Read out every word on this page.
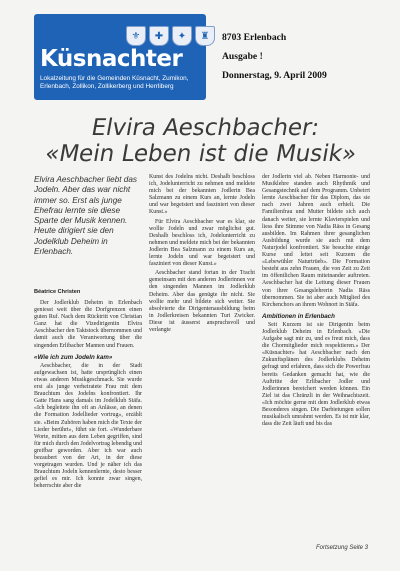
⚜	✚	✦	♜
Küsnachter
Lokalzeitung für die Gemeinden Küsnacht, Zumikon, Erlenbach, Zollikon, Zollikerberg und Herrliberg
8703 Erlenbach
Ausgabe !
Donnerstag, 9. April 2009
Elvira Aeschbacher:
«Mein Leben ist die Musik»
Elvira Aeschbacher liebt das Jodeln. Aber das war nicht immer so. Erst als junge Ehefrau lernte sie diese Sparte der Musik kennen. Heute dirigiert sie den Jodelklub Deheim in Erlenbach.
Béatrice Christen

Der Jodlerklub Deheim in Erlenbach geniesst weit über die Dorfgrenzen einen guten Ruf. Nach dem Rücktritt von Christian Ganz hat die Vizedirigentin Elvira Aeschbacher den Taktstock übernommen und damit auch die Verantwortung über die singenden Erlibacher Mannen und Frauen.

«Wie ich zum Jodeln kam»

Aeschbacher, die in der Stadt aufgewachsen ist, hatte ursprünglich einen etwas anderen Musikgeschmack. Sie wurde erst als junge verheiratete Frau mit dem Brauchtum des Jodelns konfrontiert. Ihr Gatte Hans sang damals im Jodelklub Stäfa. «Ich begleitete ihn oft an Anlässe, an denen die Formation Jodellieder vortrug», erzählt sie. «Beim Zuhören haben mich die Texte der Lieder berührt», führt sie fort. «Wunderbare Worte, mitten aus dem Leben gegriffen, sind für mich durch den Jodelvortrag lebendig und greifbar geworden. Aber ich war auch bezaubert von der Art, in der diese vorgetragen wurden. Und je näher ich das Brauchtum Jodeln kennenlernte, desto besser gefiel es mir. Ich konnte zwar singen, beherrschte aber die

Kunst des Jodelns nicht. Deshalb beschloss ich, Jodelunterricht zu nehmen und meldete mich bei der bekannten Jodlerin Bea Salzmann zu einem Kurs an, lernte Jodeln und war begeistert und fasziniert von dieser Kunst.»

Für Elvira Aeschbacher war es klar, sie wollte Jodeln und zwar möglichst gut. Deshalb beschloss ich, Jodelunterricht zu nehmen und meldete mich bei der bekannten Jodlerin Bea Salzmann zu einem Kurs an, lernte Jodeln und war begeistert und fasziniert von dieser Kunst.»

Aeschbacher stand fortan in der Tracht gemeinsam mit den anderen Jodlerinnen vor den singenden Mannen im Jodlerklub Deheim. Aber das genügte ihr nicht. Sie wollte mehr und bildete sich weiter. Sie absolvierte die Dirigentenausbildung beim in Jodlerkreisen bekannten Turi Zwicker. Diese ist äusserst anspruchsvoll und verlangte

der Jodlerin viel ab. Neben Harmonie- und Musiklehre standen auch Rhythmik und Gesangstechnik auf dem Programm. Unbeirrt lernte Aeschbacher für das Diplom, das sie nach zwei Jahren auch erhielt. Die Familienfrau und Mutter bildete sich auch danach weiter, sie lernte Klavierspielen und liess ihre Stimme von Nadia Räss in Gesang ausbilden. Im Rahmen ihrer gesanglichen Ausbildung wurde sie auch mit dem Naturjodel konfrontiert. Sie besuchte einige Kurse und leitet seit Kurzem die «Lebewühler Naturtrüeb». Die Formation besteht aus zehn Frauen, die von Zeit zu Zeit im öffentlichen Raum miteinander auftreten. Aeschbacher hat die Leitung dieser Frauen von ihrer Gesangslehrerin Nadia Räss übernommen. Sie ist aber auch Mitglied des Kirchenchors an ihrem Wohnort in Stäfa.

Ambitionen in Erlenbach

Seit Kurzem ist sie Dirigentin beim Jodlerklub Deheim in Erlenbach. «Die Aufgabe sagt mir zu, und es freut mich, dass die Chormitglieder mich respektieren.» Der «Küsnachter» hat Aeschbacher nach den Zukunftsplänen des Jodlerklubs Deheim gefragt und erfahren, dass sich die Powerfrau bereits Gedanken gemacht hat, wie die Auftritte der Erlibacher Jodler und Jodlerinnen bereichert werden können. Ein Ziel ist das Chränzli in der Weihnachtszeit. «Ich möchte gerne mit dem Jodlerklub etwas Besonderes singen. Die Darbietungen sollen musikalisch umrahmt werden. Es ist mir klar, dass die Zeit läuft und bis das

Fortsetzung Seite 3
